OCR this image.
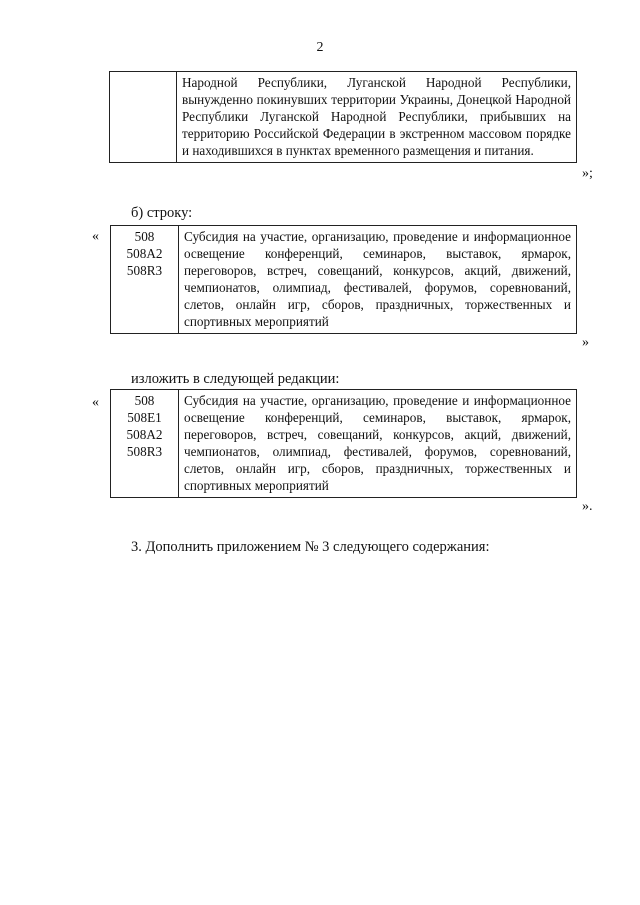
2
	Народной Республики, Луганской Народной Республики, вынужденно покинувших территории Украины, Донецкой Народной Республики Луганской Народной Республики, прибывших на территорию Российской Федерации в экстренном массовом порядке и находившихся в пунктах временного размещения и питания.
»;
б) строку:
«	508
508A2
508R3
	Субсидия на участие, организацию, проведение и информационное освещение конференций, семинаров, выставок, ярмарок, переговоров, встреч, совещаний, конкурсов, акций, движений, чемпионатов, олимпиад, фестивалей, форумов, соревнований, слетов, онлайн игр, сборов, праздничных, торжественных и спортивных мероприятий
»
изложить в следующей редакции:
«	508
508E1
508A2
508R3
	Субсидия на участие, организацию, проведение и информационное освещение конференций, семинаров, выставок, ярмарок, переговоров, встреч, совещаний, конкурсов, акций, движений, чемпионатов, олимпиад, фестивалей, форумов, соревнований, слетов, онлайн игр, сборов, праздничных, торжественных и спортивных мероприятий
».
3. Дополнить приложением № 3 следующего содержания:
